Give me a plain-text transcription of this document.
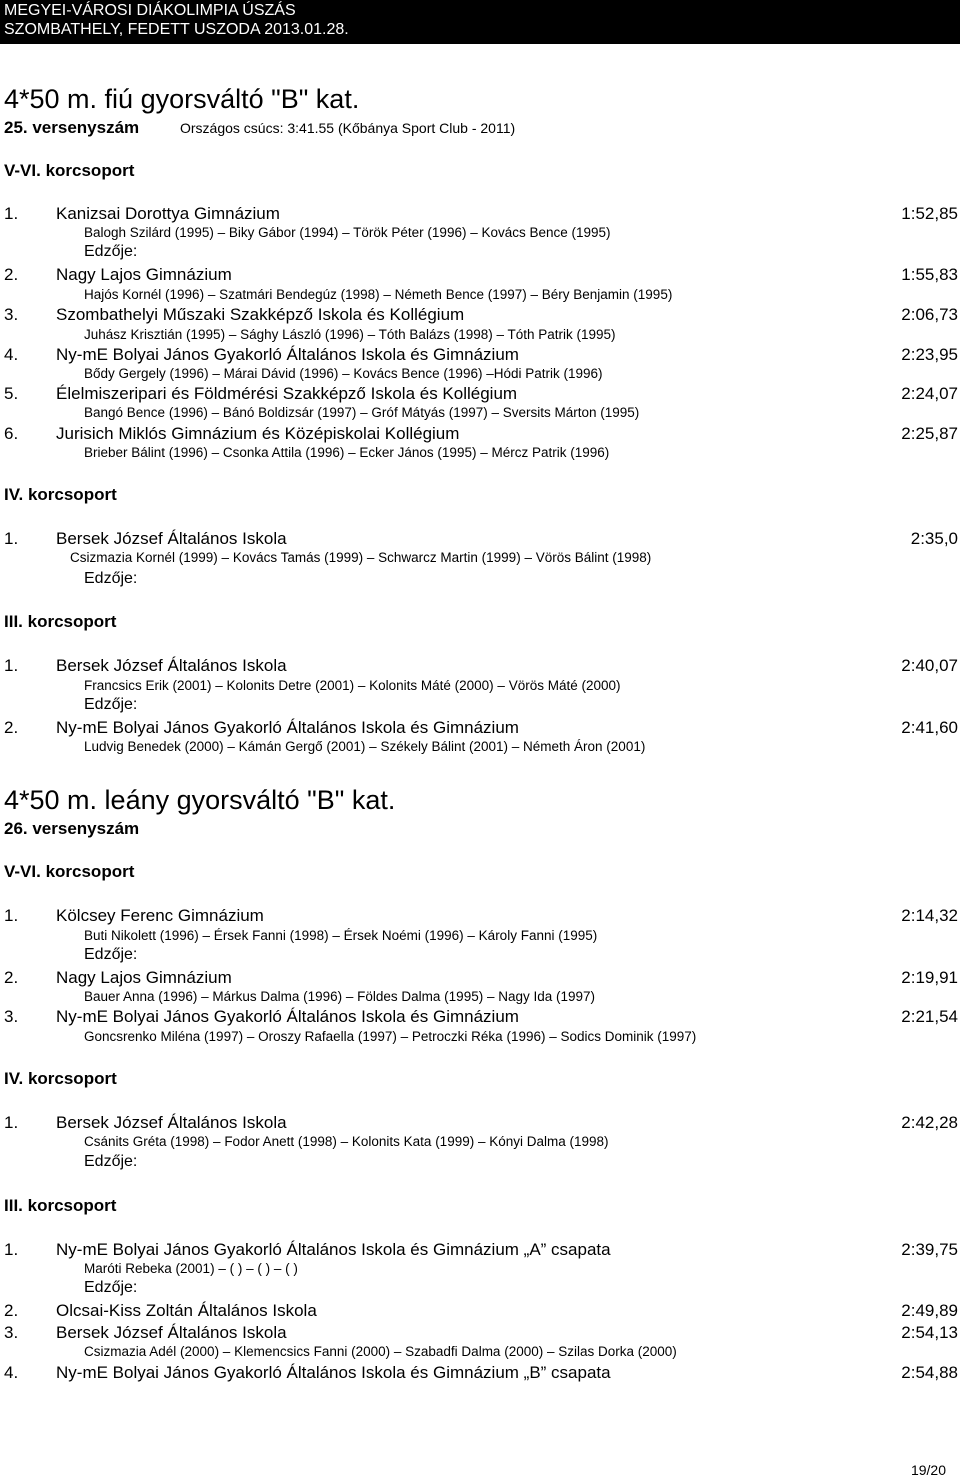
MEGYEI-VÁROSI DIÁKOLIMPIA ÚSZÁS
SZOMBATHELY, FEDETT USZODA 2013.01.28.
4*50 m. fiú gyorsváltó "B" kat.
25. versenyszám	Országos csúcs: 3:41.55 (Kőbánya Sport Club - 2011)
V-VI. korcsoport
1. Kanizsai Dorottya Gimnázium	1:52,85
Balogh Szilárd (1995) – Biky Gábor (1994) – Török Péter (1996) – Kovács Bence (1995)
Edzője:
2. Nagy Lajos Gimnázium	1:55,83
Hajós Kornél (1996) – Szatmári Bendegúz (1998) – Németh Bence (1997) – Béry Benjamin (1995)
3. Szombathelyi Műszaki Szakképző Iskola és Kollégium	2:06,73
Juhász Krisztián (1995) – Sághy László (1996) – Tóth Balázs (1998) – Tóth Patrik (1995)
4. Ny-mE Bolyai János Gyakorló Általános Iskola és Gimnázium	2:23,95
Bődy Gergely (1996) – Márai Dávid (1996) – Kovács Bence (1996) –Hódi Patrik (1996)
5. Élelmiszeripari és Földmérési Szakképző Iskola és Kollégium	2:24,07
Bangó Bence (1996) – Bánó Boldizsár (1997) – Gróf Mátyás (1997) – Sversits Márton (1995)
6. Jurisich Miklós Gimnázium és Középiskolai Kollégium	2:25,87
Brieber Bálint (1996) – Csonka Attila (1996) – Ecker János (1995) – Mércz Patrik (1996)
IV. korcsoport
1. Bersek József Általános Iskola	2:35,0
Csizmazia Kornél (1999) – Kovács Tamás (1999) – Schwarcz Martin (1999) – Vörös Bálint (1998)
Edzője:
III. korcsoport
1. Bersek József Általános Iskola	2:40,07
Francsics Erik (2001) – Kolonits Detre (2001) – Kolonits Máté (2000) – Vörös Máté (2000)
Edzője:
2. Ny-mE Bolyai János Gyakorló Általános Iskola és Gimnázium	2:41,60
Ludvig Benedek (2000) – Kámán Gergő (2001) – Székely Bálint (2001) – Németh Áron (2001)
4*50 m. leány gyorsváltó "B" kat.
26. versenyszám
V-VI. korcsoport
1. Kölcsey Ferenc Gimnázium	2:14,32
Buti Nikolett (1996) – Érsek Fanni (1998) – Érsek Noémi (1996) – Károly Fanni (1995)
Edzője:
2. Nagy Lajos Gimnázium	2:19,91
Bauer Anna (1996) – Márkus Dalma (1996) – Földes Dalma (1995) – Nagy Ida (1997)
3. Ny-mE Bolyai János Gyakorló Általános Iskola és Gimnázium	2:21,54
Goncsrenko Miléna (1997) – Oroszy Rafaella (1997) – Petroczki Réka (1996) – Sodics Dominik (1997)
IV. korcsoport
1. Bersek József Általános Iskola	2:42,28
Csánits Gréta (1998) – Fodor Anett (1998) – Kolonits Kata (1999) – Kónyi Dalma (1998)
Edzője:
III. korcsoport
1. Ny-mE Bolyai János Gyakorló Általános Iskola és Gimnázium „A” csapata	2:39,75
Maróti Rebeka (2001) – ( ) – ( ) – ( )
Edzője:
2. Olcsai-Kiss Zoltán Általános Iskola	2:49,89
3. Bersek József Általános Iskola	2:54,13
Csizmazia Adél (2000) – Klemencsics Fanni (2000) – Szabadfi Dalma (2000) – Szilas Dorka (2000)
4. Ny-mE Bolyai János Gyakorló Általános Iskola és Gimnázium „B” csapata	2:54,88
19/20
